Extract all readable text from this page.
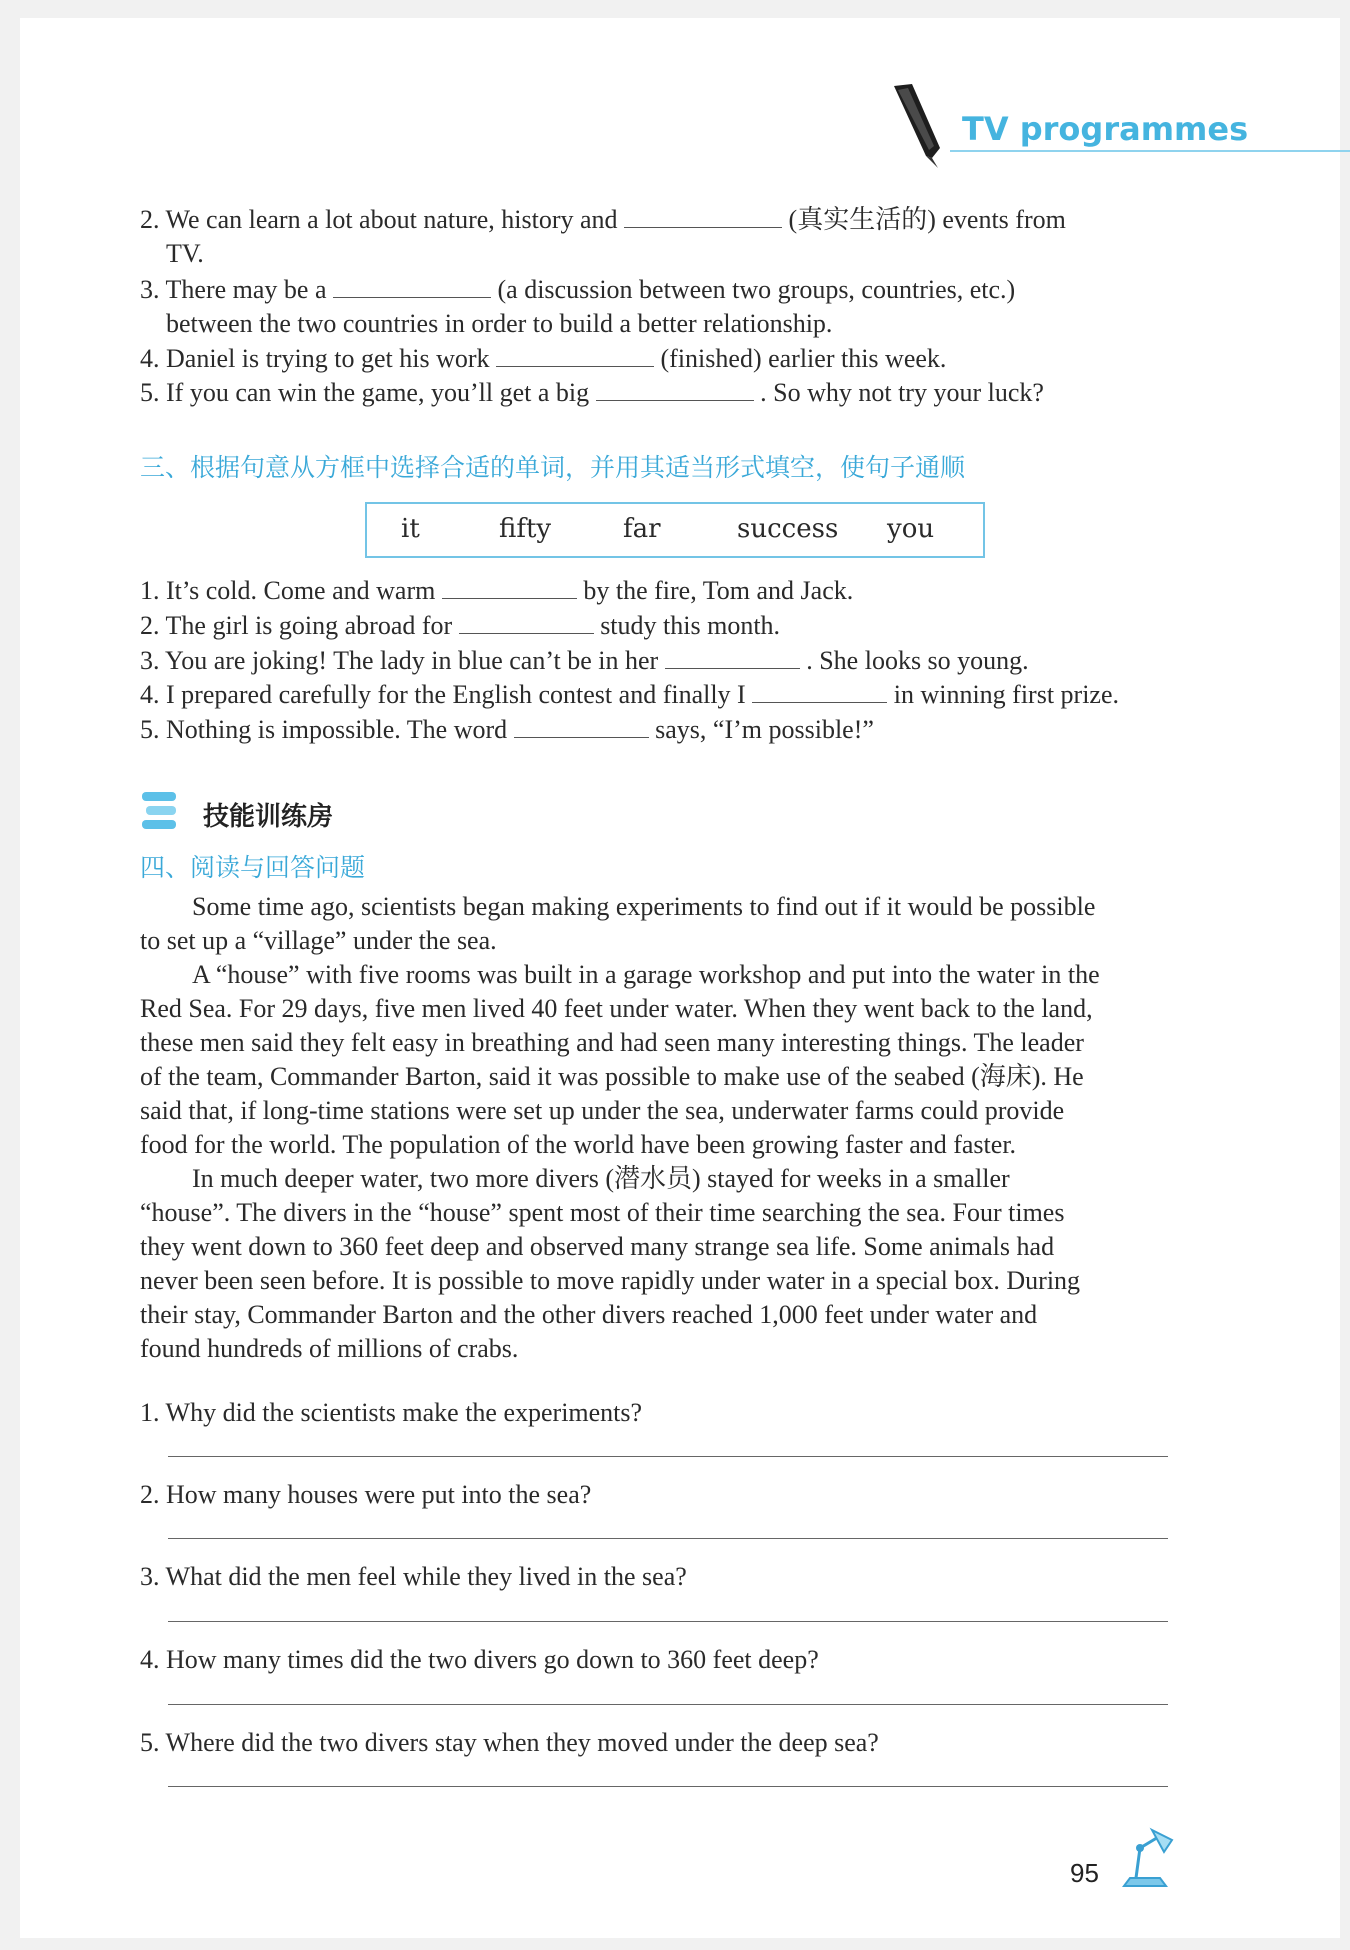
TV programmes
2. We can learn a lot about nature, history and	(真实生活的) events from
TV.
3. There may be a	(a discussion between two groups, countries, etc.)
between the two countries in order to build a better relationship.
4. Daniel is trying to get his work	(finished) earlier this week.
5. If you can win the game, you’ll get a big	. So why not try your luck?
三、根据句意从方框中选择合适的单词，并用其适当形式填空，使句子通顺
it	fifty	far	success you
1. It’s cold. Come and warm	by the fire, Tom and Jack.
2. The girl is going abroad for	study this month.
3. You are joking! The lady in blue can’t be in her	. She looks so young.
4. I prepared carefully for the English contest and finally I	in winning first prize.
5. Nothing is impossible. The word	says, “I’m possible!”
技能训练房
四、阅读与回答问题
Some time ago, scientists began making experiments to find out if it would be possible
to set up a “village” under the sea.
A “house” with five rooms was built in a garage workshop and put into the water in the
Red Sea. For 29 days, five men lived 40 feet under water. When they went back to the land,
these men said they felt easy in breathing and had seen many interesting things. The leader
of the team, Commander Barton, said it was possible to make use of the seabed (海床). He
said that, if long-time stations were set up under the sea, underwater farms could provide
food for the world. The population of the world have been growing faster and faster.
In much deeper water, two more divers (潜水员) stayed for weeks in a smaller
“house”. The divers in the “house” spent most of their time searching the sea. Four times
they went down to 360 feet deep and observed many strange sea life. Some animals had
never been seen before. It is possible to move rapidly under water in a special box. During
their stay, Commander Barton and the other divers reached 1,000 feet under water and
found hundreds of millions of crabs.
1. Why did the scientists make the experiments?
2. How many houses were put into the sea?
3. What did the men feel while they lived in the sea?
4. How many times did the two divers go down to 360 feet deep?
5. Where did the two divers stay when they moved under the deep sea?
95
